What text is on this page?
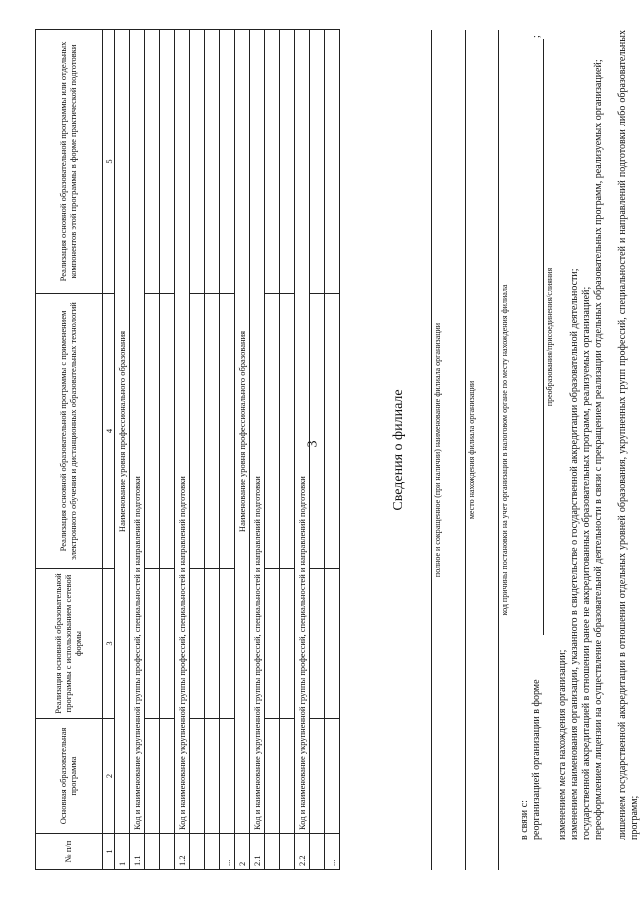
3
№ п/п	Основная образовательная программа	Реализация основной образовательной программы с использованием сетевой формы	Реализация основной образовательной программы с применением электронного обучения и дистанционных образовательных технологий	Реализация основной образовательной программы или отдельных компонентов этой программы в форме практической подготовки
1	2	3	4	5
1	Наименование уровня профессионального образования			
1.1	Код и наименование укрупненной группы профессий, специальностей и направлений подготовки			

1.2	Код и наименование укрупненной группы профессий, специальностей и направлений подготовки			

...				
2	Наименование уровня профессионального образования			
2.1	Код и наименование укрупненной группы профессий, специальностей и направлений подготовки			

2.2	Код и наименование укрупненной группы профессий, специальностей и направлений подготовки			

...				
Сведения о филиале	полное и сокращенное (при наличии) наименование филиала организации	место нахождения филиала организации	код причины постановки на учет организации в налоговом органе по месту нахождения филиала
в связи с: реорганизацией организации в форме
;
преобразования/присоединения/слияния
изменением места нахождения организации; изменением наименования организации, указанного в свидетельстве о государственной аккредитации образовательной деятельности; государственной аккредитацией в отношении ранее не аккредитованных образовательных программ, реализуемых организацией; переоформлением лицензии на осуществление образовательной деятельности в связи с прекращением реализации отдельных образовательных программ, реализуемых организацией; лишением государственной аккредитации в отношении отдельных уровней образования, укрупненных групп профессий, специальностей и направлений подготовки либо образовательных программ;
